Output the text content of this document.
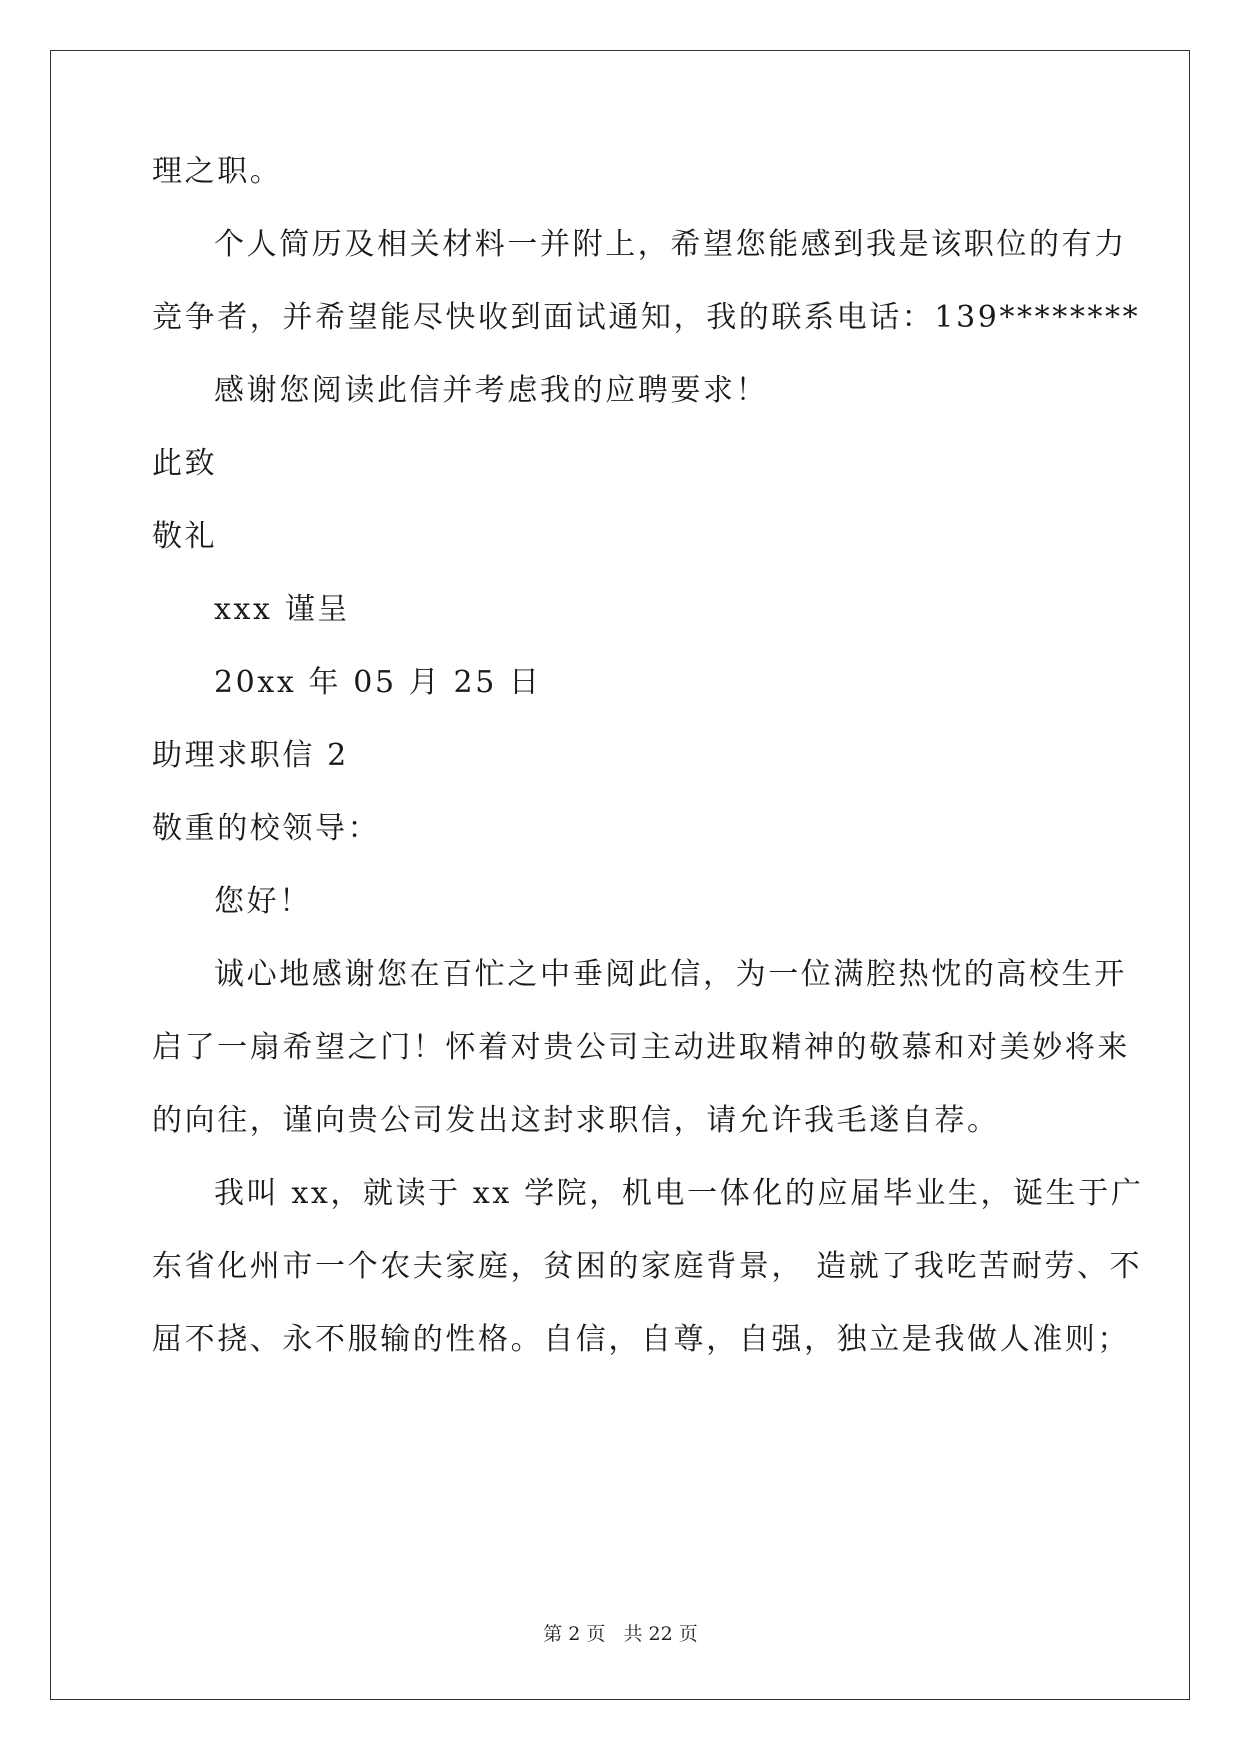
理之职。
个人简历及相关材料一并附上，希望您能感到我是该职位的有力
竞争者，并希望能尽快收到面试通知，我的联系电话：139********
感谢您阅读此信并考虑我的应聘要求！
此致
敬礼
xxx 谨呈
20xx 年 05 月 25 日
助理求职信 2
敬重的校领导：
您好！
诚心地感谢您在百忙之中垂阅此信，为一位满腔热忱的高校生开
启了一扇希望之门！怀着对贵公司主动进取精神的敬慕和对美妙将来
的向往，谨向贵公司发出这封求职信，请允许我毛遂自荐。
我叫 xx，就读于 xx 学院，机电一体化的应届毕业生，诞生于广
东省化州市一个农夫家庭，贫困的家庭背景， 造就了我吃苦耐劳、不
屈不挠、永不服输的性格。自信，自尊，自强，独立是我做人准则；
第 2 页   共 22 页
